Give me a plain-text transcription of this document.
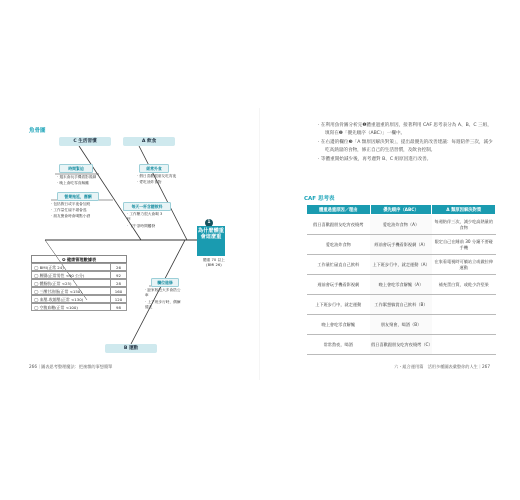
魚骨圖
C 生活習慣	A 飲食
B 運動
時間緊迫
‧ 週末會玩手機看影視劇
‧ 晚上會吃零食解饞
營業拖延，應酬
‧ 包括假日或半夜會加班
‧ 工作量忙碌不堪會逃
‧ 朋友聚會時會喝點小酒
經常外食
‧ 假日喜歡跟朋友吃宵夜
‧ 愛吃油炸食物
每天一杯含糖飲料
‧ 工作壓力很大會喝 3 杯
‧ 下午茶時間觸發
欄位進修
‧ 距家較近大多會搭公車
‧ 上下班步行時，偶爾健走
1
為什麼體重會這麼重
體重 70 以上
(BMI 26)
❹ 健康管理數據表
◯ BMI(正常 24)	26
◯ 腰圍(正常男性 <90 公分)	92
◯ 體脂肪(正常 <25)	28
◯ 三酸甘油脂(正常 <150)	160
◯ 血壓-收縮壓(正常 <130)	120
◯ 空腹血糖(正常 <100)	98
266｜圖表思考整理魔法：把複雜的事想簡單

‧ 在利用魚骨圖分析完❶體重過重的原因，接著利用 CAF 思考表分為 A、B、C 三組，填寫在❷「優先順序（ABC）」一欄中。

‧ 在右邊的欄位❸「A 類原因解決對策」，提出最優先的改善建議：每週陪伴三次，減少吃高熱量的食物，修正自己的生活習慣，及飲食控制。

‧ 等體重開始減少後，再考慮對 B、C 組原因進行改善。

CAF 思考表
體重過重原因／理由	優先順序（ABC）	A 類原因解決對策
假日喜歡跟朋友吃宵夜燒烤	愛吃油炸食物（A）	每週陪伴三次，減少吃高熱量的食物
愛吃油炸食物	經前會玩手機看影視劇（A）	限定自己在睡前 30 分鐘不要碰手機
工作量忙碌直自己飲料	上下班步行中，就走運動（A）	在家看電視時可躺站立或做拉伸運動
週前會玩手機看影視劇	晚上會吃零食解饞（A）	補充蛋白質，或乾少許堅果
上下班步行中，就走運動	工作累想犒賞自己飲料（B）	
晚上會吃零食解饞	朋友聚會，喝酒（B）	
常常熬夜，喝酒	假日喜歡跟朋友吃宵夜燒烤（C）	
六・組合運用篇　活用多種圖表彙整你的人生｜267
